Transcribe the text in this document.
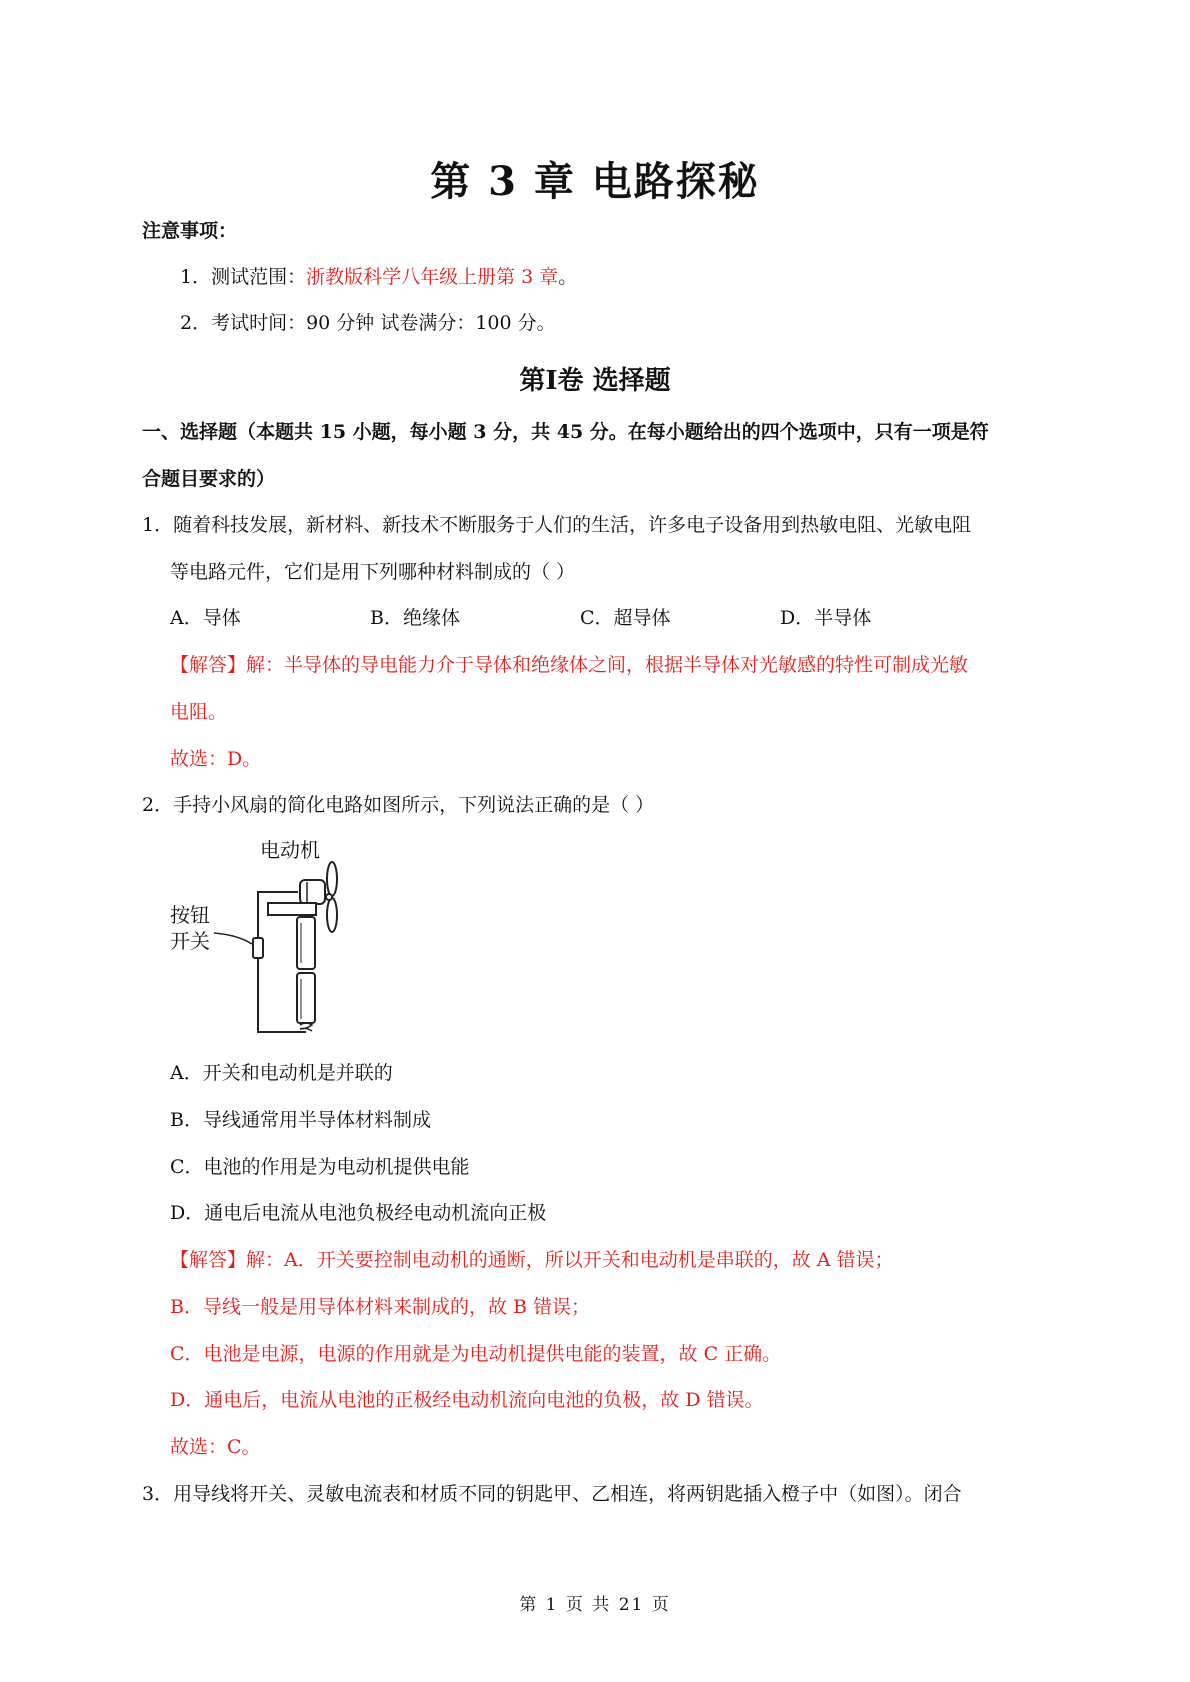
第 3 章 电路探秘
注意事项：
1．测试范围：浙教版科学八年级上册第 3 章。
2．考试时间：90 分钟 试卷满分：100 分。
第Ⅰ卷 选择题
一、选择题（本题共 15 小题，每小题 3 分，共 45 分。在每小题给出的四个选项中，只有一项是符
合题目要求的）
1．随着科技发展，新材料、新技术不断服务于人们的生活，许多电子设备用到热敏电阻、光敏电阻
等电路元件，它们是用下列哪种材料制成的（ ）
A．导体	B．绝缘体	C．超导体	D．半导体
【解答】解：半导体的导电能力介于导体和绝缘体之间，根据半导体对光敏感的特性可制成光敏
电阻。
故选：D。
2．手持小风扇的简化电路如图所示，下列说法正确的是（ ）
电动机
按钮
开关
A．开关和电动机是并联的
B．导线通常用半导体材料制成
C．电池的作用是为电动机提供电能
D．通电后电流从电池负极经电动机流向正极
【解答】解：A．开关要控制电动机的通断，所以开关和电动机是串联的，故 A 错误；
B．导线一般是用导体材料来制成的，故 B 错误；
C．电池是电源，电源的作用就是为电动机提供电能的装置，故 C 正确。
D．通电后，电流从电池的正极经电动机流向电池的负极，故 D 错误。
故选：C。
3．用导线将开关、灵敏电流表和材质不同的钥匙甲、乙相连，将两钥匙插入橙子中（如图）。闭合
第 1 页 共 21 页
